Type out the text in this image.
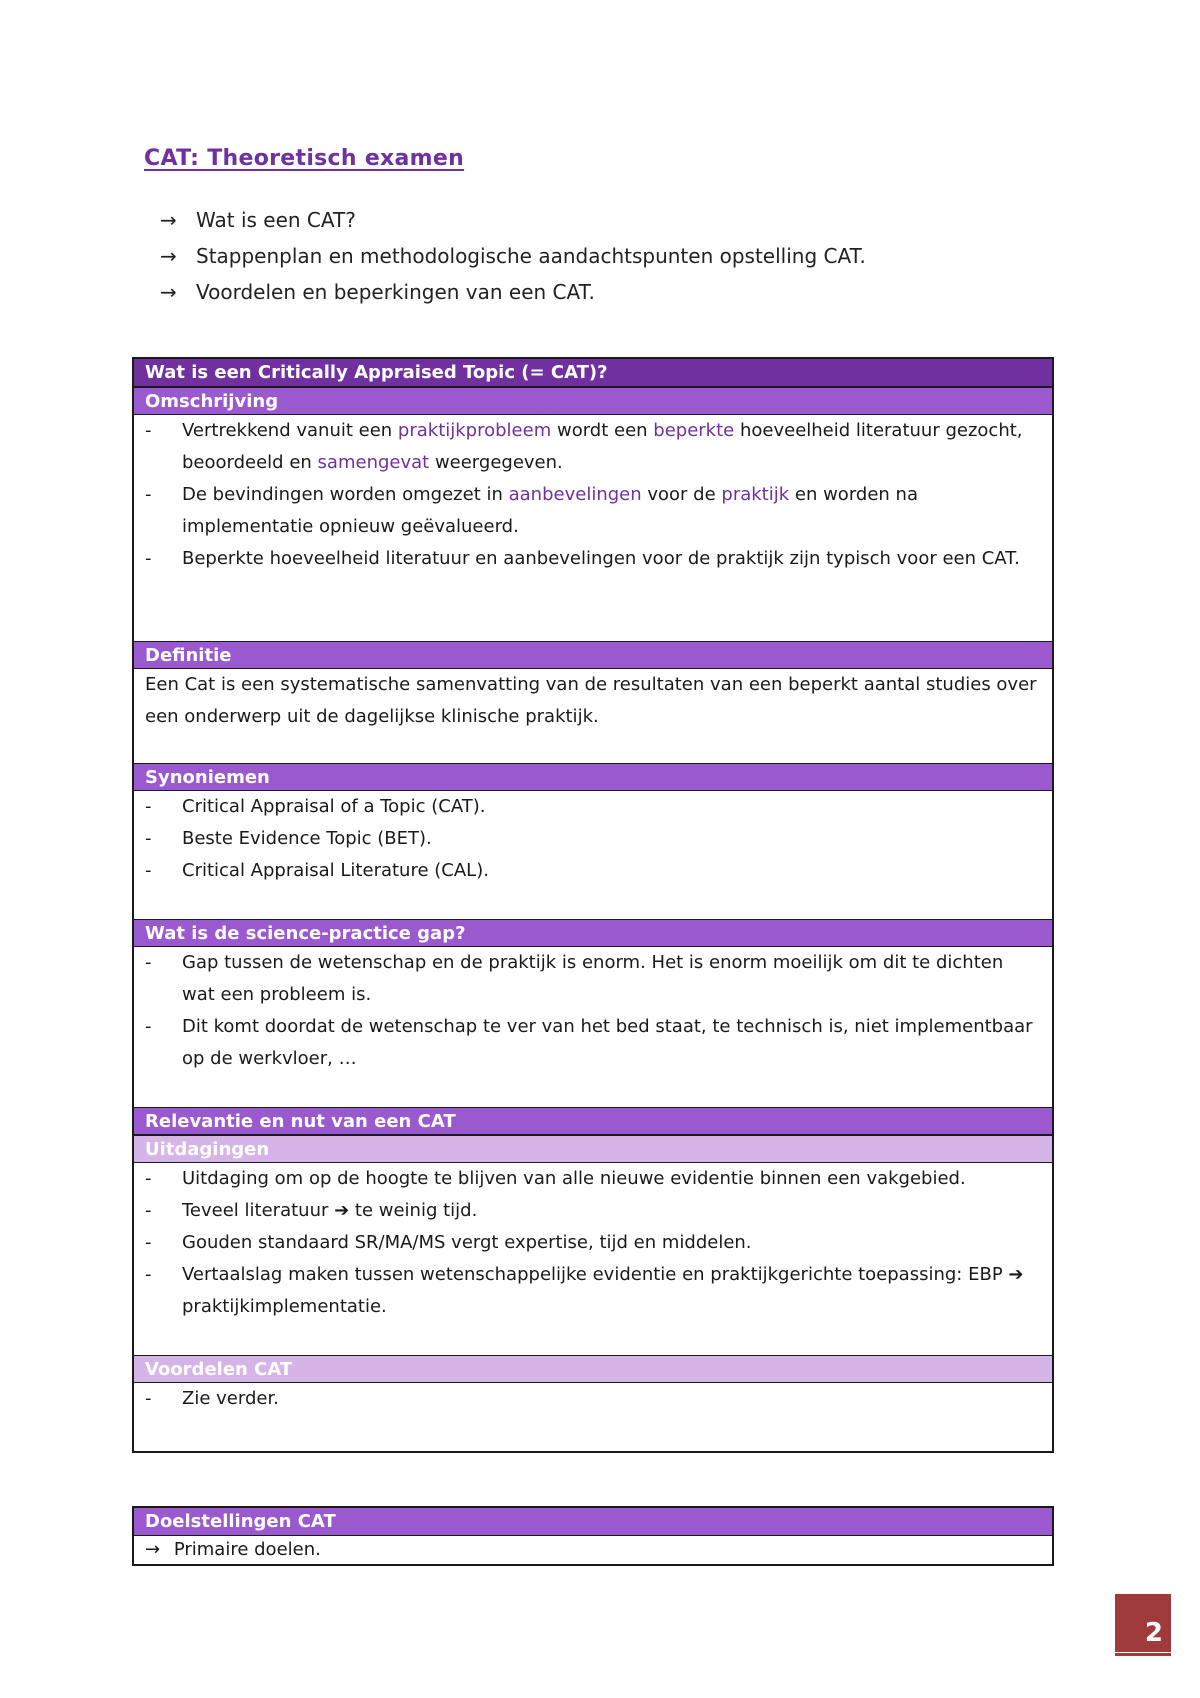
CAT: Theoretisch examen
→ Wat is een CAT?
→ Stappenplan en methodologische aandachtspunten opstelling CAT.
→ Voordelen en beperkingen van een CAT.
Wat is een Critically Appraised Topic (= CAT)?
Omschrijving
- Vertrekkend vanuit een praktijkprobleem wordt een beperkte hoeveelheid literatuur gezocht, beoordeeld en samengevat weergegeven.
- De bevindingen worden omgezet in aanbevelingen voor de praktijk en worden na implementatie opnieuw geëvalueerd.
- Beperkte hoeveelheid literatuur en aanbevelingen voor de praktijk zijn typisch voor een CAT.
Definitie
Een Cat is een systematische samenvatting van de resultaten van een beperkt aantal studies over een onderwerp uit de dagelijkse klinische praktijk.
Synoniemen
- Critical Appraisal of a Topic (CAT).
- Beste Evidence Topic (BET).
- Critical Appraisal Literature (CAL).
Wat is de science-practice gap?
- Gap tussen de wetenschap en de praktijk is enorm. Het is enorm moeilijk om dit te dichten wat een probleem is.
- Dit komt doordat de wetenschap te ver van het bed staat, te technisch is, niet implementbaar op de werkvloer, …
Relevantie en nut van een CAT
Uitdagingen
- Uitdaging om op de hoogte te blijven van alle nieuwe evidentie binnen een vakgebied.
- Teveel literatuur ➔ te weinig tijd.
- Gouden standaard SR/MA/MS vergt expertise, tijd en middelen.
- Vertaalslag maken tussen wetenschappelijke evidentie en praktijkgerichte toepassing: EBP ➔ praktijkimplementatie.
Voordelen CAT
- Zie verder.
Doelstellingen CAT
→ Primaire doelen.
2
